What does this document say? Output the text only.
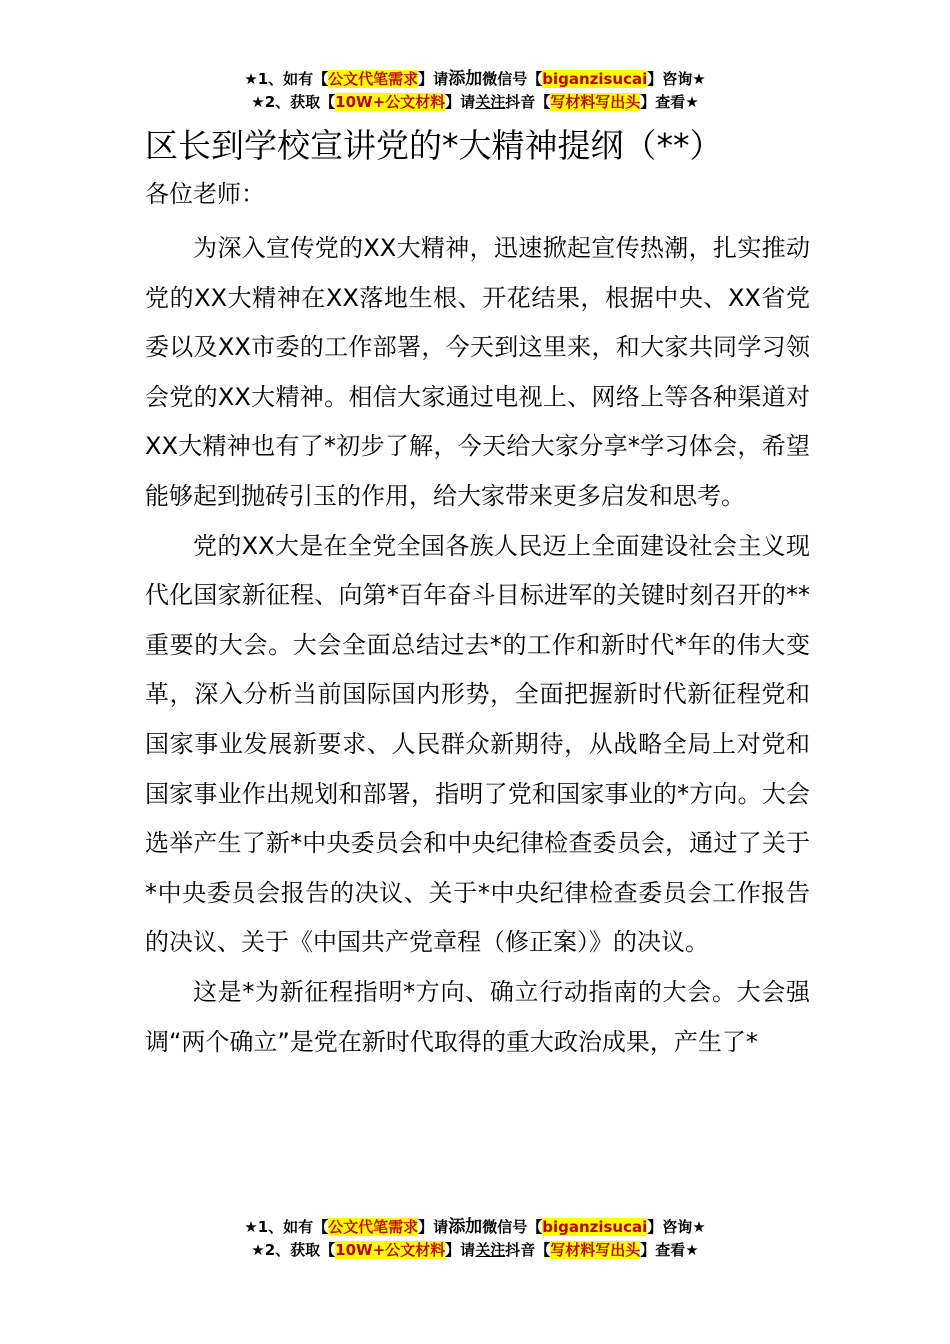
★1、如有【公文代笔需求】请添加微信号【biganzisucai】咨询★
★2、获取【10W+公文材料】请关注抖音【写材料写出头】查看★
区长到学校宣讲党的*大精神提纲（**）
各位老师：

为深入宣传党的XX大精神，迅速掀起宣传热潮，扎实推动党的XX大精神在XX落地生根、开花结果，根据中央、XX省党委以及XX市委的工作部署，今天到这里来，和大家共同学习领会党的XX大精神。相信大家通过电视上、网络上等各种渠道对XX大精神也有了*初步了解，今天给大家分享*学习体会，希望能够起到抛砖引玉的作用，给大家带来更多启发和思考。

党的XX大是在全党全国各族人民迈上全面建设社会主义现代化国家新征程、向第*百年奋斗目标进军的关键时刻召开的**重要的大会。大会全面总结过去*的工作和新时代*年的伟大变革，深入分析当前国际国内形势，全面把握新时代新征程党和国家事业发展新要求、人民群众新期待，从战略全局上对党和国家事业作出规划和部署，指明了党和国家事业的*方向。大会选举产生了新*中央委员会和中央纪律检查委员会，通过了关于*中央委员会报告的决议、关于*中央纪律检查委员会工作报告的决议、关于《中国共产党章程（修正案）》的决议。

这是*为新征程指明*方向、确立行动指南的大会。大会强调“两个确立”是党在新时代取得的重大政治成果，产生了*

★1、如有【公文代笔需求】请添加微信号【biganzisucai】咨询★
★2、获取【10W+公文材料】请关注抖音【写材料写出头】查看★
